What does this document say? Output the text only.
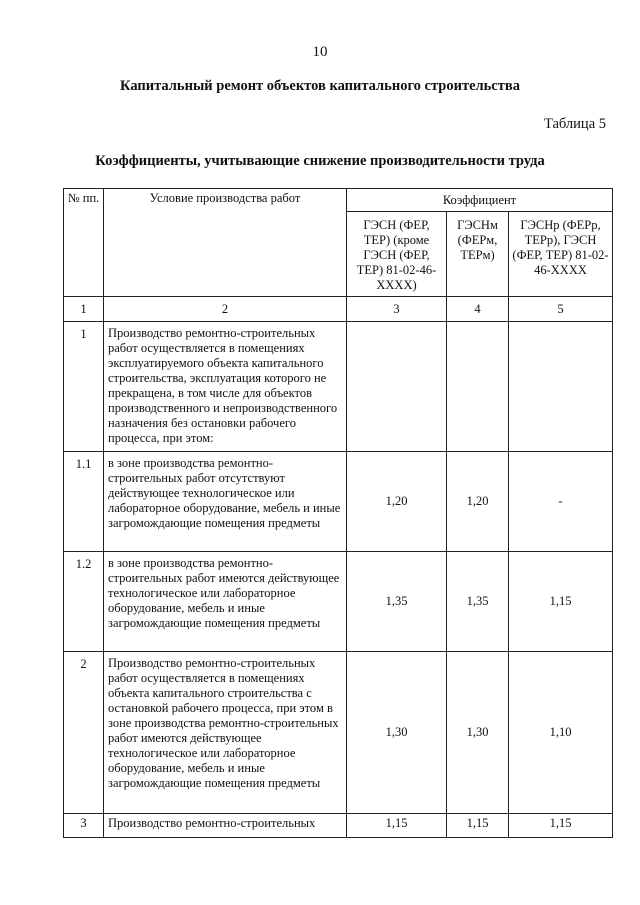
10
Капитальный ремонт объектов капитального строительства
Таблица 5
Коэффициенты, учитывающие снижение производительности труда
№ пп.	Условие производства работ	Коэффициент		
		ГЭСН (ФЕР, ТЕР) (кроме ГЭСН (ФЕР, ТЕР) 81-02-46-XXXX)	ГЭСНм (ФЕРм, ТЕРм)	ГЭСНр (ФЕРр, ТЕРр), ГЭСН (ФЕР, ТЕР) 81-02-46-XXXX
1	2	3	4	5
1	Производство ремонтно-строительных работ осуществляется в помещениях эксплуатируемого объекта капитального строительства, эксплуатация которого не прекращена, в том числе для объектов производственного и непроизводственного назначения без остановки рабочего процесса, при этом:			
1.1	в зоне производства ремонтно-строительных работ отсутствуют действующее технологическое или лабораторное оборудование, мебель и иные загромождающие помещения предметы	1,20	1,20	-
1.2	в зоне производства ремонтно-строительных работ имеются действующее технологическое или лабораторное оборудование, мебель и иные загромождающие помещения предметы	1,35	1,35	1,15
2	Производство ремонтно-строительных работ осуществляется в помещениях объекта капитального строительства с остановкой рабочего процесса, при этом в зоне производства ремонтно-строительных работ имеются действующее технологическое или лабораторное оборудование, мебель и иные загромождающие помещения предметы	1,30	1,30	1,10
3	Производство ремонтно-строительных	1,15	1,15	1,15
